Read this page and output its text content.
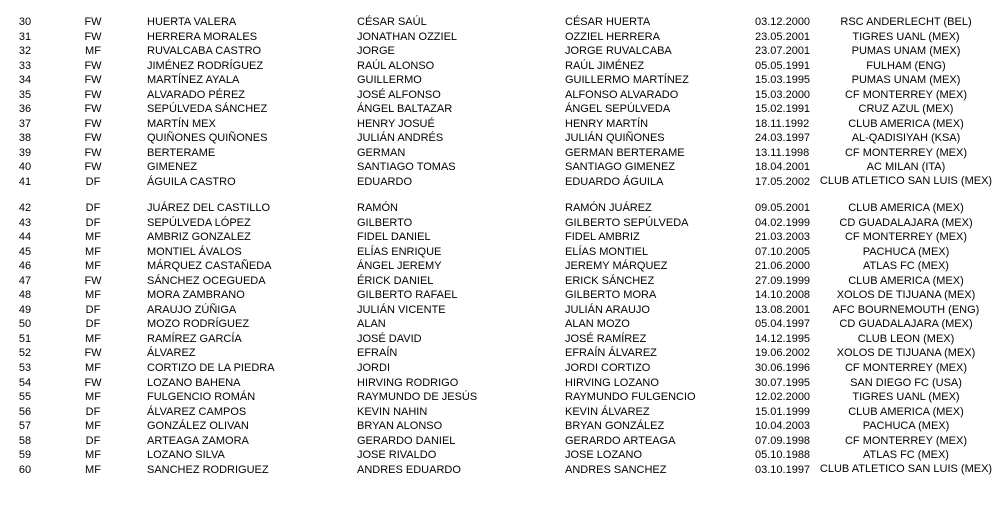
30	FW	HUERTA VALERA	CÉSAR SAÚL	CÉSAR HUERTA	03.12.2000	RSC ANDERLECHT (BEL)
31	FW	HERRERA MORALES	JONATHAN OZZIEL	OZZIEL HERRERA	23.05.2001	TIGRES UANL (MEX)
32	MF	RUVALCABA CASTRO	JORGE	JORGE RUVALCABA	23.07.2001	PUMAS UNAM (MEX)
33	FW	JIMÉNEZ RODRÍGUEZ	RAÚL ALONSO	RAÚL JIMÉNEZ	05.05.1991	FULHAM (ENG)
34	FW	MARTÍNEZ AYALA	GUILLERMO	GUILLERMO MARTÍNEZ	15.03.1995	PUMAS UNAM (MEX)
35	FW	ALVARADO PÉREZ	JOSÉ ALFONSO	ALFONSO ALVARADO	15.03.2000	CF MONTERREY (MEX)
36	FW	SEPÚLVEDA SÁNCHEZ	ÁNGEL BALTAZAR	ÁNGEL SEPÚLVEDA	15.02.1991	CRUZ AZUL (MEX)
37	FW	MARTÍN MEX	HENRY JOSUÉ	HENRY MARTÍN	18.11.1992	CLUB AMERICA (MEX)
38	FW	QUIÑONES QUIÑONES	JULIÁN ANDRÉS	JULIÁN QUIÑONES	24.03.1997	AL-QADISIYAH (KSA)
39	FW	BERTERAME	GERMAN	GERMAN BERTERAME	13.11.1998	CF MONTERREY (MEX)
40	FW	GIMENEZ	SANTIAGO TOMAS	SANTIAGO GIMENEZ	18.04.2001	AC MILAN (ITA)
41	DF	ÁGUILA CASTRO	EDUARDO	EDUARDO ÁGUILA	17.05.2002 CLUB ATLETICO SAN LUIS (MEX)
42	DF	JUÁREZ DEL CASTILLO	RAMÓN	RAMÓN JUÁREZ	09.05.2001	CLUB AMERICA (MEX)
43	DF	SEPÚLVEDA LÓPEZ	GILBERTO	GILBERTO SEPÚLVEDA	04.02.1999	CD GUADALAJARA (MEX)
44	MF	AMBRIZ GONZALEZ	FIDEL DANIEL	FIDEL AMBRIZ	21.03.2003	CF MONTERREY (MEX)
45	MF	MONTIEL ÁVALOS	ELÍAS ENRIQUE	ELÍAS MONTIEL	07.10.2005	PACHUCA (MEX)
46	MF	MÁRQUEZ CASTAÑEDA	ÁNGEL JEREMY	JEREMY MÁRQUEZ	21.06.2000	ATLAS FC (MEX)
47	FW	SÁNCHEZ OCEGUEDA	ÉRICK DANIEL	ERICK SÁNCHEZ	27.09.1999	CLUB AMERICA (MEX)
48	MF	MORA ZAMBRANO	GILBERTO RAFAEL	GILBERTO MORA	14.10.2008	XOLOS DE TIJUANA (MEX)
49	DF	ARAUJO ZÚÑIGA	JULIÁN VICENTE	JULIÁN ARAUJO	13.08.2001	AFC BOURNEMOUTH (ENG)
50	DF	MOZO RODRÍGUEZ	ALAN	ALAN MOZO	05.04.1997	CD GUADALAJARA (MEX)
51	MF	RAMÍREZ GARCÍA	JOSÉ DAVID	JOSÉ RAMÍREZ	14.12.1995	CLUB LEON (MEX)
52	FW	ÁLVAREZ	EFRAÍN	EFRAÍN ÁLVAREZ	19.06.2002	XOLOS DE TIJUANA (MEX)
53	MF	CORTIZO DE LA PIEDRA	JORDI	JORDI CORTIZO	30.06.1996	CF MONTERREY (MEX)
54	FW	LOZANO BAHENA	HIRVING RODRIGO	HIRVING LOZANO	30.07.1995	SAN DIEGO FC (USA)
55	MF	FULGENCIO ROMÁN	RAYMUNDO DE JESÚS	RAYMUNDO FULGENCIO	12.02.2000	TIGRES UANL (MEX)
56	DF	ÁLVAREZ CAMPOS	KEVIN NAHIN	KEVIN ÁLVAREZ	15.01.1999	CLUB AMERICA (MEX)
57	MF	GONZÁLEZ OLIVAN	BRYAN ALONSO	BRYAN GONZÁLEZ	10.04.2003	PACHUCA (MEX)
58	DF	ARTEAGA ZAMORA	GERARDO DANIEL	GERARDO ARTEAGA	07.09.1998	CF MONTERREY (MEX)
59	MF	LOZANO SILVA	JOSE RIVALDO	JOSE LOZANO	05.10.1988	ATLAS FC (MEX)
60	MF	SANCHEZ RODRIGUEZ	ANDRES EDUARDO	ANDRES SANCHEZ	03.10.1997 CLUB ATLETICO SAN LUIS (MEX)
